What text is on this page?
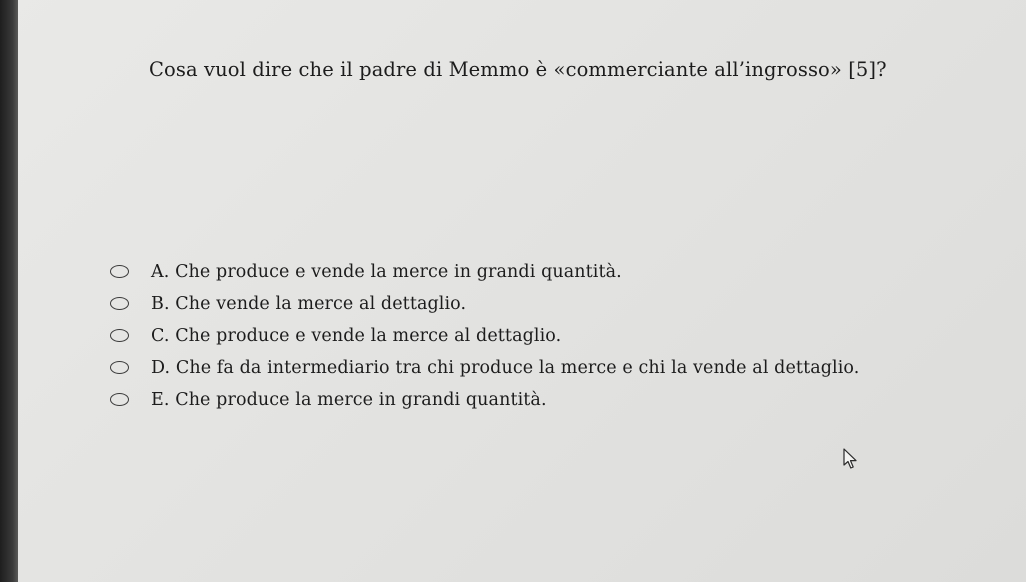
Cosa vuol dire che il padre di Memmo è «commerciante all’ingrosso» [5]?
A. Che produce e vende la merce in grandi quantità.
B. Che vende la merce al dettaglio.
C. Che produce e vende la merce al dettaglio.
D. Che fa da intermediario tra chi produce la merce e chi la vende al dettaglio.
E. Che produce la merce in grandi quantità.
